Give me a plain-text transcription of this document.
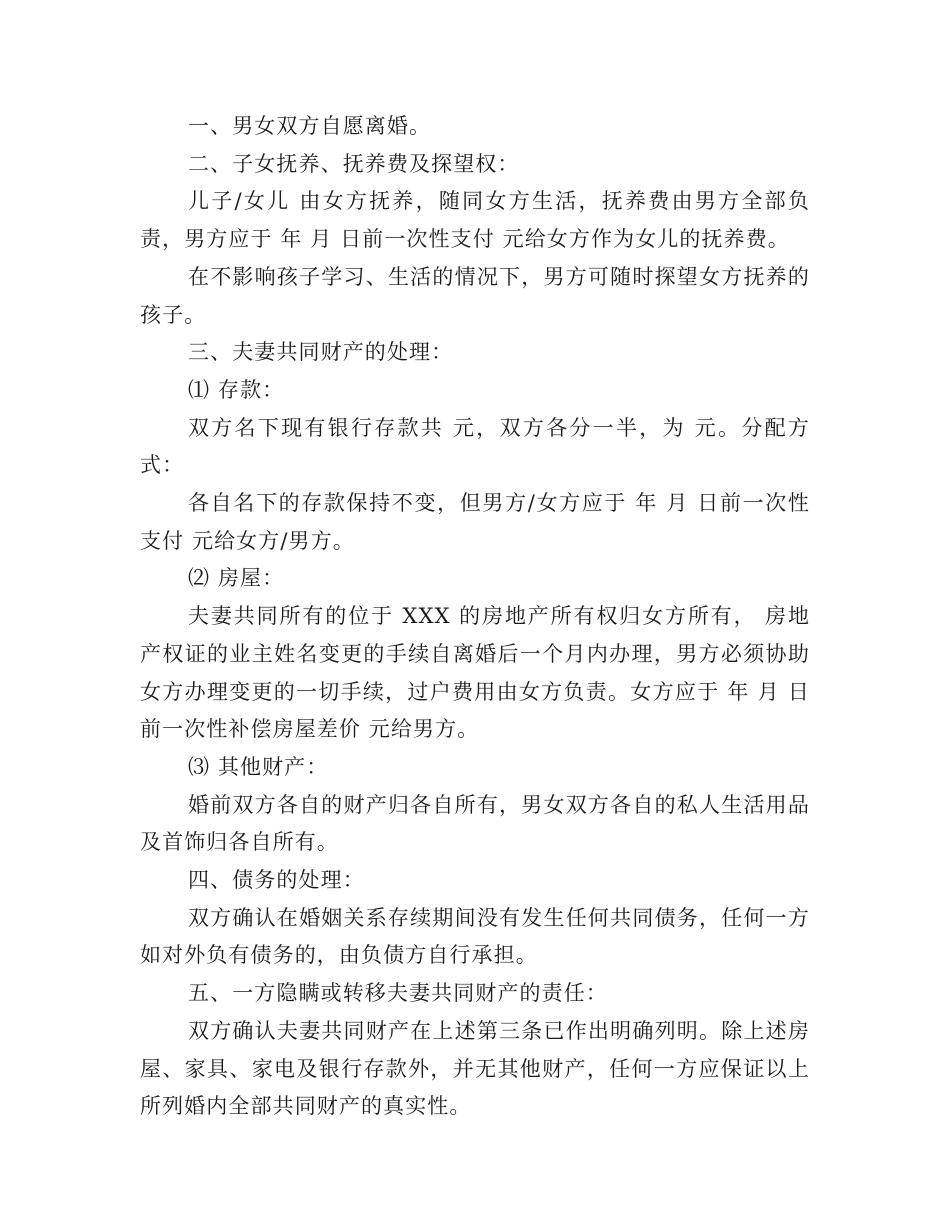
一、男女双方自愿离婚。

二、子女抚养、抚养费及探望权：

儿子/女儿 由女方抚养，随同女方生活，抚养费由男方全部负责，男方应于 年 月 日前一次性支付 元给女方作为女儿的抚养费。

在不影响孩子学习、生活的情况下，男方可随时探望女方抚养的孩子。

三、夫妻共同财产的处理：

⑴ 存款：

双方名下现有银行存款共 元，双方各分一半，为 元。分配方式：

各自名下的存款保持不变，但男方/女方应于 年 月 日前一次性支付 元给女方/男方。

⑵ 房屋：

夫妻共同所有的位于 XXX 的房地产所有权归女方所有， 房地产权证的业主姓名变更的手续自离婚后一个月内办理，男方必须协助女方办理变更的一切手续，过户费用由女方负责。女方应于 年 月 日前一次性补偿房屋差价 元给男方。

⑶ 其他财产：

婚前双方各自的财产归各自所有，男女双方各自的私人生活用品及首饰归各自所有。

四、债务的处理：

双方确认在婚姻关系存续期间没有发生任何共同债务，任何一方如对外负有债务的，由负债方自行承担。

五、一方隐瞒或转移夫妻共同财产的责任：

双方确认夫妻共同财产在上述第三条已作出明确列明。除上述房屋、家具、家电及银行存款外，并无其他财产，任何一方应保证以上所列婚内全部共同财产的真实性。
